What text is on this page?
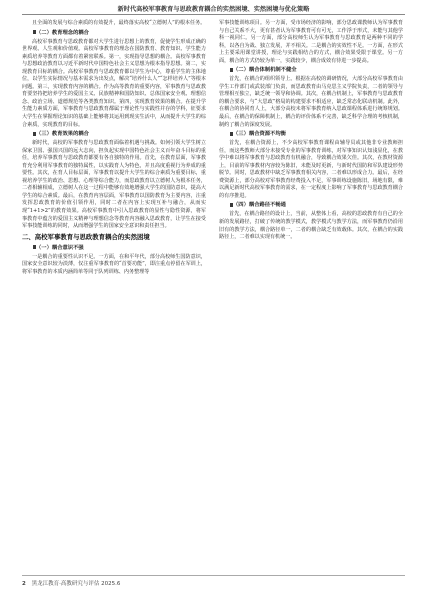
新时代高校军事教育与思政教育耦合的实然困境、实然困境与优化策略

且全面的发展与综合素质的有效提升，最终落实高校“立德树人”的根本任务。

（二）教育理念的耦合

高校军事教育与思政教育都对大学生进行思想上的教育，促使学生形成正确的世界观、人生观和价值观。高校军事教育的理念在国防教育、教育知识、学生能力素质培养等教育方面都有着紧密联系。第一，实现指导思想的耦合。高校军事教育与思想政治教育以习近平新时代中国特色社会主义思想为根本指导思想。第二，实现教育目标的耦合。高校军事教育与思政教育都以学生为中心，尊重学生的主体地位，以学生实际情况与基本需求为出发点，解决“培养什么人”“怎样培养人”等根本问题。第三，实现教育内容的耦合。作为高等教育的重要内容，军事教育与思政教育要坚持把培养学生的爱国主义、民族精神和国防知识、总体国家安全观、理想信念、政治立场、道德规范等各类教育知识。第四，实现教育效果的耦合。在提升学生能力素质方面，军事教育与思政教育都属于理论性与实践性并存的学科，征要求大学生在掌握理论知识的基础上能够将其运用到现实生活中，从而提升大学生的综合素质，实现教育的目标。

（三）教育效果的耦合

新时代，高校的军事教育与思政教育面临着机遇与挑战。如何引领大学生树立保家卫国、强国兴国的远大志向，担负起实现中国特色社会主义百年奋斗目标的重任，培养军事教育与思政教育都要有各自独特的作用。首先，在教育层面，军事教育充分利用军事教育的独特属性，以实践育人为特色，并且高度重视行为养成的重要性。其次，在育人目标层面，军事教育以提升大学生的综合素质为重要目标，重视培养学生的政治、思想、心理等综合能力，而思政教育以立德树人为根本任务，二者相辅相成，立德树人在这一过程中能够有效地增强大学生的国防意识，提高大学生的综合素质。最后，在教育内容层面，军事教育以国防教育为主要内容，注重发挥思政教育的价值引领作用，同时二者在内容上实现互补与融合，从而实现“1+1>2”的教育效果。高校军事教育中引入思政教育的显性与隐性资源，将军事教育中蕴含的爱国主义精神与理想信念等教育内容融入思政教育，让学生在接受军事技能训练的同时，从而增强学生的国家安全意识和责任担当。

二、高校军事教育与思政教育耦合的实然困境
（一）耦合意识不强

一是耦合的重要性认识不足。一方面，在和平年代，部分高校师生国防意识，国家安全意识较为淡薄，仅注重军事教育的“首要功能”，即注重点停留在军训上，将军事教育的本质内涵简单等同于队列训练、内务整理等

军事技能训练项目。另一方面，受市场经济的影响，部分思政课教师认为军事教育与自己关系不大，更有甚者认为军事教育可有可无，工作浮于形式，未能与其他学科一视同仁。另一方面，部分高校师生认为军事教育与思政教育是两种不同的学科，以各自为战、独立发展，并不相关。二是耦合的实效性不足。一方面，在形式上主要采用课堂讲授，理论与实践相结合的方式，耦合效果受限于课堂。另一方面，耦合的方式仍较为单一，实践较少，耦合成效有待进一步提高。

（二）耦合体制机制不健全

首先，在耦合的组织领导上。根据在高校的调研情况，大部分高校军事教育由学生工作部门或武装部门负责，而思政教育由马克思主义学院负责，二者的领导与管理相互独立，缺乏统一领导和协调。其次，在耦合机制上，军事教育与思政教育的耦合要求，与“大思政”格局的构建要求不相适应，缺乏常态化联动机制。此外，在耦合的协同育人上，大部分高校未将军事教育纳入思政课程体系进行统筹规划。最后，在耦合的保障机制上，耦合的评价体系不完善，缺乏科学合理的考核机制，制约了耦合的深度发展。

（三）耦合资源不均衡

首先，在耦合资源上，不少高校军事教育课程由辅导员或其他非专业教师担任，而这些教师大部分未接受专业的军事教育训练，对军事知识认知浅显化，在教学中难以将军事教育与思政教育有机融合，导致耦合效果欠佳。其次，在教材资源上，目前的军事教材内容较为陈旧，未能及时更新，与新时代国防和军队建设形势脱节。同时，思政教材中缺乏军事教育相关内容，二者难以形成合力。最后，在经费资源上，部分高校对军事教育经费投入不足，军事训练设施陈旧，场地有限，难以满足新时代高校军事教育的需求，在一定程度上影响了军事教育与思政教育耦合的有序推进。

（四）耦合路径不畅通

首先，在耦合路径的设计上，当前，从整体上看，高校的思政教育有自己的全新的发展路径，打破了传统的教学模式，教学模式与教学方法，而军事教育仍沿用旧有的教学方法，耦合路径单一，二者的耦合缺乏有效载体。其次，在耦合的实践路径上，二者难以实现有机统一。

2 黑龙江教育·高教研究与评估 2025.6
